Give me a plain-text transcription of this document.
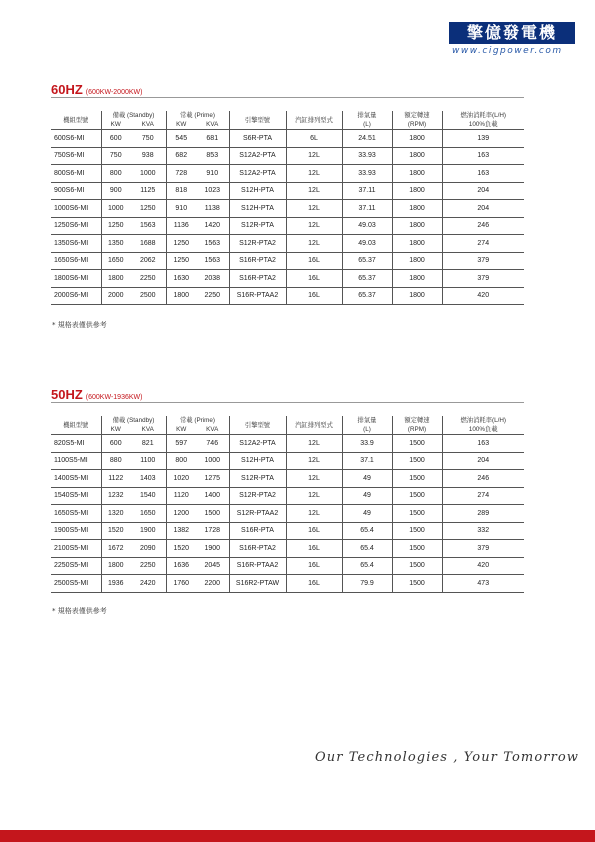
擎億發電機
www.cigpower.com
60HZ (600KW-2000KW)
機組型號	備載 (Standby)		常載 (Prime)		引擎型號	汽缸排列型式	排氣量	額定轉速	燃油消耗率(L/H)
	KW	KVA	KW	KVA			(L)	(RPM)	100%負載
600S6-MI	600	750	545	681	S6R-PTA	6L	24.51	1800	139
750S6-MI	750	938	682	853	S12A2-PTA	12L	33.93	1800	163
800S6-MI	800	1000	728	910	S12A2-PTA	12L	33.93	1800	163
900S6-MI	900	1125	818	1023	S12H-PTA	12L	37.11	1800	204
1000S6-MI	1000	1250	910	1138	S12H-PTA	12L	37.11	1800	204
1250S6-MI	1250	1563	1136	1420	S12R-PTA	12L	49.03	1800	246
1350S6-MI	1350	1688	1250	1563	S12R-PTA2	12L	49.03	1800	274
1650S6-MI	1650	2062	1250	1563	S16R-PTA2	16L	65.37	1800	379
1800S6-MI	1800	2250	1630	2038	S16R-PTA2	16L	65.37	1800	379
2000S6-MI	2000	2500	1800	2250	S16R-PTAA2	16L	65.37	1800	420
* 規格表僅供參考
50HZ (600KW-1936KW)
機組型號	備載 (Standby)		常載 (Prime)		引擎型號	汽缸排列型式	排氣量	額定轉速	燃油消耗率(L/H)
	KW	KVA	KW	KVA			(L)	(RPM)	100%負載
820S5-MI	600	821	597	746	S12A2-PTA	12L	33.9	1500	163
1100S5-MI	880	1100	800	1000	S12H-PTA	12L	37.1	1500	204
1400S5-MI	1122	1403	1020	1275	S12R-PTA	12L	49	1500	246
1540S5-MI	1232	1540	1120	1400	S12R-PTA2	12L	49	1500	274
1650S5-MI	1320	1650	1200	1500	S12R-PTAA2	12L	49	1500	289
1900S5-MI	1520	1900	1382	1728	S16R-PTA	16L	65.4	1500	332
2100S5-MI	1672	2090	1520	1900	S16R-PTA2	16L	65.4	1500	379
2250S5-MI	1800	2250	1636	2045	S16R-PTAA2	16L	65.4	1500	420
2500S5-MI	1936	2420	1760	2200	S16R2-PTAW	16L	79.9	1500	473
* 規格表僅供參考
Our Technologies , Your Tomorrow
